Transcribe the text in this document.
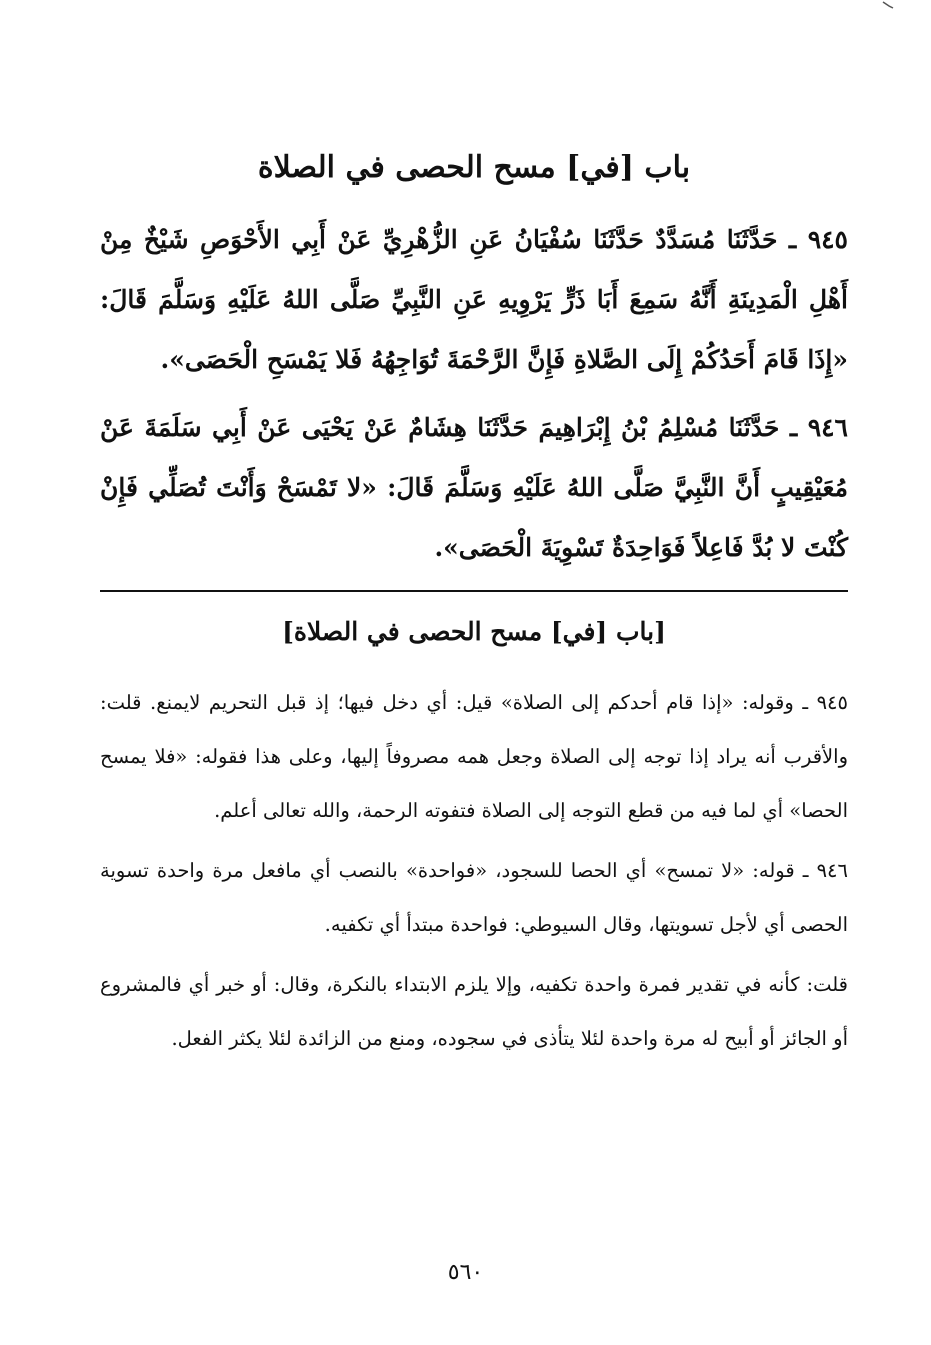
باب [في] مسح الحصى في الصلاة

٩٤٥ ـ حَدَّثَنَا مُسَدَّدٌ حَدَّثَنَا سُفْيَانُ عَنِ الزُّهْرِيِّ عَنْ أَبِي الأَحْوَصِ شَيْخٌ مِنْ أَهْلِ الْمَدِينَةِ أَنَّهُ سَمِعَ أَبَا ذَرٍّ يَرْوِيهِ عَنِ النَّبِيِّ صَلَّى اللهُ عَلَيْهِ وَسَلَّمَ قَالَ: «إِذَا قَامَ أَحَدُكُمْ إِلَى الصَّلاةِ فَإِنَّ الرَّحْمَةَ تُوَاجِهُهُ فَلا يَمْسَحِ الْحَصَى».

٩٤٦ ـ حَدَّثَنَا مُسْلِمُ بْنُ إِبْرَاهِيمَ حَدَّثَنَا هِشَامٌ عَنْ يَحْيَى عَنْ أَبِي سَلَمَةَ عَنْ مُعَيْقِيبٍ أَنَّ النَّبِيَّ صَلَّى اللهُ عَلَيْهِ وَسَلَّمَ قَالَ: «لا تَمْسَحْ وَأَنْتَ تُصَلِّي فَإِنْ كُنْتَ لا بُدَّ فَاعِلاً فَوَاحِدَةٌ تَسْوِيَةَ الْحَصَى».

[باب [في] مسح الحصى في الصلاة]

٩٤٥ ـ وقوله: «إذا قام أحدكم إلى الصلاة» قيل: أي دخل فيها؛ إذ قبل التحريم لايمنع. قلت: والأقرب أنه يراد إذا توجه إلى الصلاة وجعل همه مصروفاً إليها، وعلى هذا فقوله: «فلا يمسح الحصا» أي لما فيه من قطع التوجه إلى الصلاة فتفوته الرحمة، والله تعالى أعلم.

٩٤٦ ـ قوله: «لا تمسح» أي الحصا للسجود، «فواحدة» بالنصب أي مافعل مرة واحدة تسوية الحصى أي لأجل تسويتها، وقال السيوطي: فواحدة مبتدأ أي تكفيه.

قلت: كأنه في تقدير فمرة واحدة تكفيه، وإلا يلزم الابتداء بالنكرة، وقال: أو خبر أي فالمشروع أو الجائز أو أبيح له مرة واحدة لئلا يتأذى في سجوده، ومنع من الزائدة لئلا يكثر الفعل.

٥٦٠
